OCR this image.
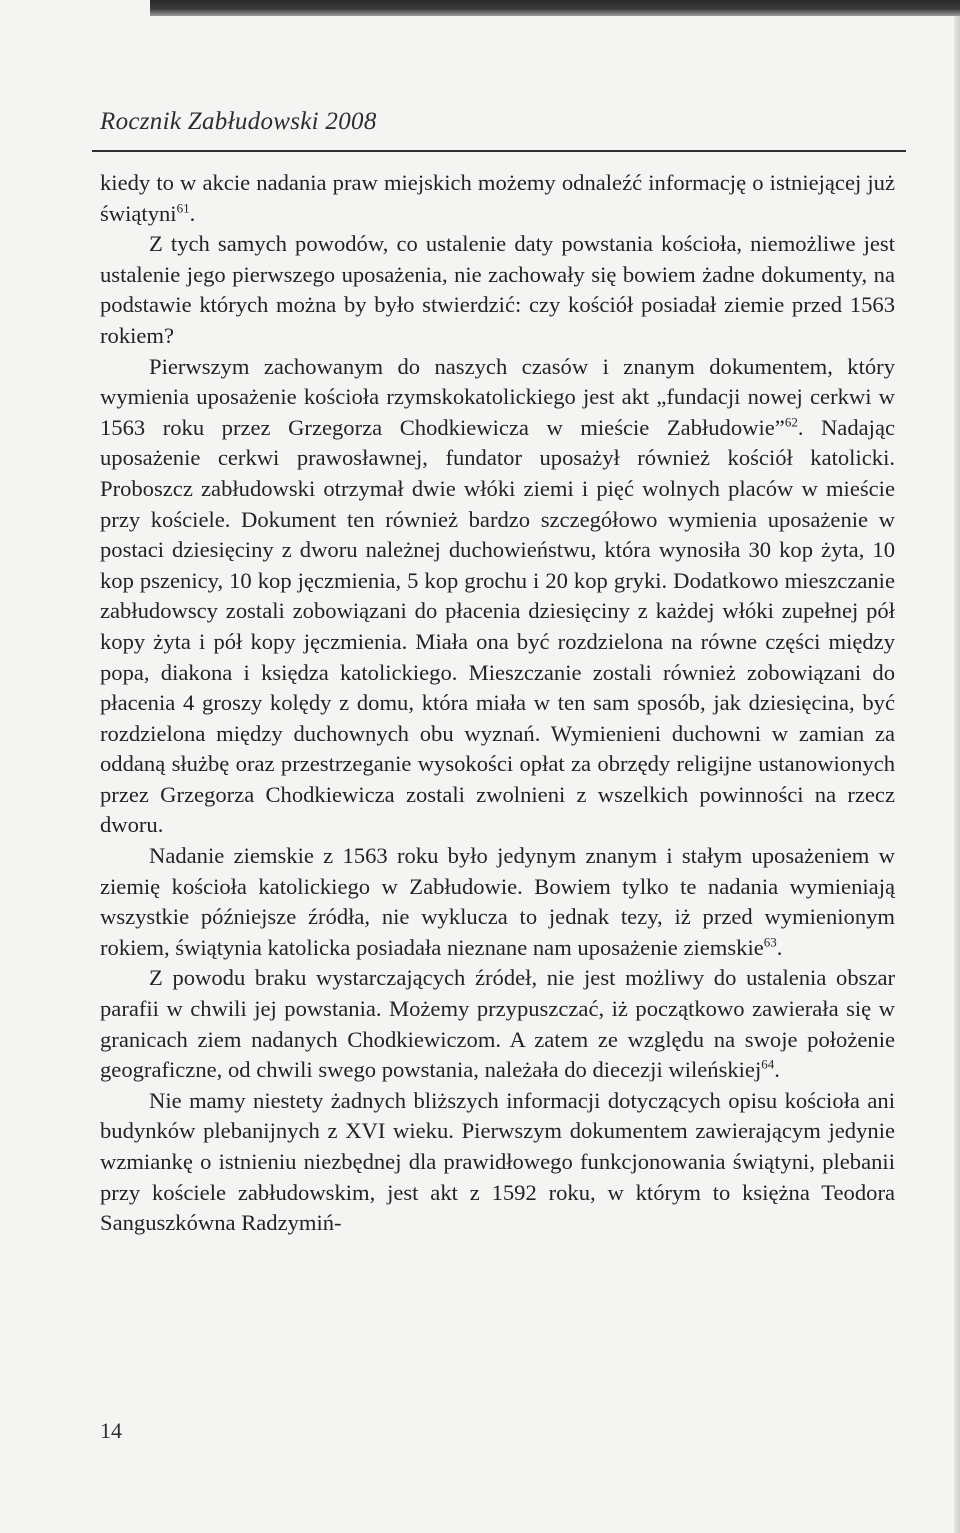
Rocznik Zabłudowski 2008

kiedy to w akcie nadania praw miejskich możemy odnaleźć informację o istniejącej już świątyni$^{61}$.

Z tych samych powodów, co ustalenie daty powstania kościoła, niemożliwe jest ustalenie jego pierwszego uposażenia, nie zachowały się bowiem żadne dokumenty, na podstawie których można by było stwierdzić: czy kościół posiadał ziemie przed 1563 rokiem?

Pierwszym zachowanym do naszych czasów i znanym dokumentem, który wymienia uposażenie kościoła rzymskokatolickiego jest akt „fundacji nowej cerkwi w 1563 roku przez Grzegorza Chodkiewicza w mieście Zabłudowie”$^{62}$. Nadając uposażenie cerkwi prawosławnej, fundator uposażył również kościół katolicki. Proboszcz zabłudowski otrzymał dwie włóki ziemi i pięć wolnych placów w mieście przy kościele. Dokument ten również bardzo szczegółowo wymienia uposażenie w postaci dziesięciny z dworu należnej duchowieństwu, która wynosiła 30 kop żyta, 10 kop pszenicy, 10 kop jęczmienia, 5 kop grochu i 20 kop gryki. Dodatkowo mieszczanie zabłudowscy zostali zobowiązani do płacenia dziesięciny z każdej włóki zupełnej pół kopy żyta i pół kopy jęczmienia. Miała ona być rozdzielona na równe części między popa, diakona i księdza katolickiego. Mieszczanie zostali również zobowiązani do płacenia 4 groszy kolędy z domu, która miała w ten sam sposób, jak dziesięcina, być rozdzielona między duchownych obu wyznań. Wymienieni duchowni w zamian za oddaną służbę oraz przestrzeganie wysokości opłat za obrzędy religijne ustanowionych przez Grzegorza Chodkiewicza zostali zwolnieni z wszelkich powinności na rzecz dworu.

Nadanie ziemskie z 1563 roku było jedynym znanym i stałym uposażeniem w ziemię kościoła katolickiego w Zabłudowie. Bowiem tylko te nadania wymieniają wszystkie późniejsze źródła, nie wyklucza to jednak tezy, iż przed wymienionym rokiem, świątynia katolicka posiadała nieznane nam uposażenie ziemskie$^{63}$.

Z powodu braku wystarczających źródeł, nie jest możliwy do ustalenia obszar parafii w chwili jej powstania. Możemy przypuszczać, iż początkowo zawierała się w granicach ziem nadanych Chodkiewiczom. A zatem ze względu na swoje położenie geograficzne, od chwili swego powstania, należała do diecezji wileńskiej$^{64}$.

Nie mamy niestety żadnych bliższych informacji dotyczących opisu kościoła ani budynków plebanijnych z XVI wieku. Pierwszym dokumentem zawierającym jedynie wzmiankę o istnieniu niezbędnej dla prawidłowego funkcjonowania świątyni, plebanii przy kościele zabłudowskim, jest akt z 1592 roku, w którym to księżna Teodora Sanguszkówna Radzymiń-

14
